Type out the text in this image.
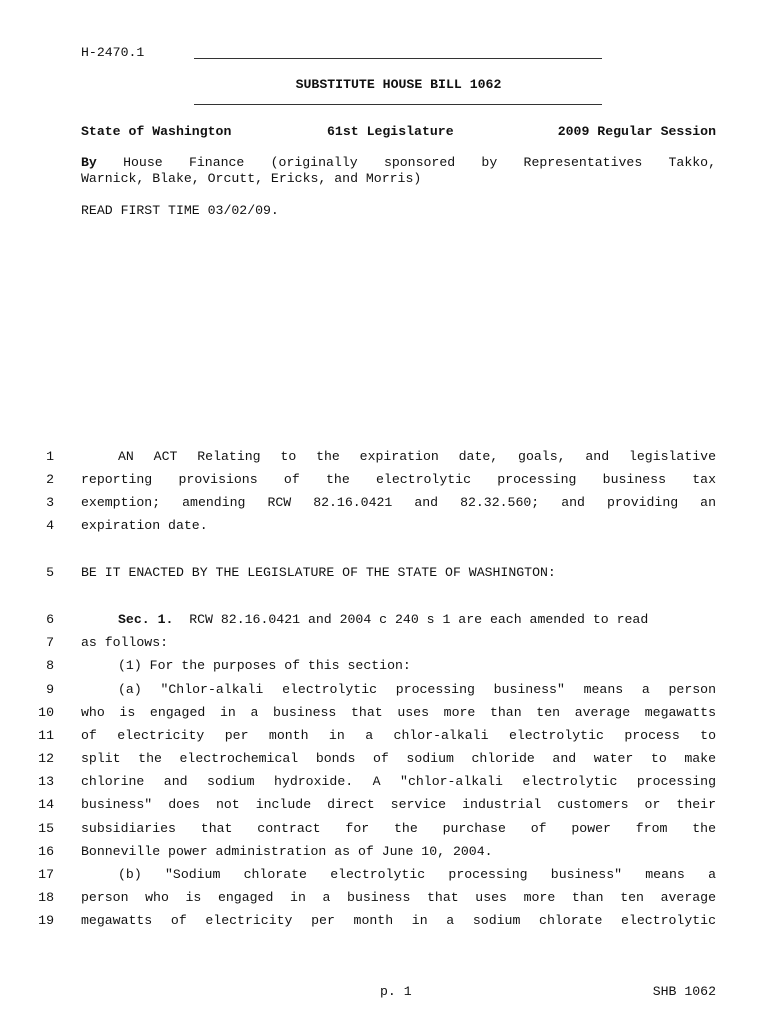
H-2470.1
SUBSTITUTE HOUSE BILL 1062
State of Washington	61st Legislature	2009 Regular Session
By House Finance (originally sponsored by Representatives Takko,
Warnick, Blake, Orcutt, Ericks, and Morris)
READ FIRST TIME 03/02/09.
1	AN ACT Relating to the expiration date, goals, and legislative
2 reporting provisions of the electrolytic processing business tax
3 exemption; amending RCW 82.16.0421 and 82.32.560; and providing an
4 expiration date.
5 BE IT ENACTED BY THE LEGISLATURE OF THE STATE OF WASHINGTON:
6	Sec. 1. RCW 82.16.0421 and 2004 c 240 s 1 are each amended to read
7 as follows:
8	(1) For the purposes of this section:
9	(a) "Chlor-alkali electrolytic processing business" means a person
10 who is engaged in a business that uses more than ten average megawatts
11 of electricity per month in a chlor-alkali electrolytic process to
12 split the electrochemical bonds of sodium chloride and water to make
13 chlorine and sodium hydroxide. A "chlor-alkali electrolytic processing
14 business" does not include direct service industrial customers or their
15 subsidiaries that contract for the purchase of power from the
16 Bonneville power administration as of June 10, 2004.
17	(b) "Sodium chlorate electrolytic processing business" means a
18 person who is engaged in a business that uses more than ten average
19 megawatts of electricity per month in a sodium chlorate electrolytic
p. 1	SHB 1062
